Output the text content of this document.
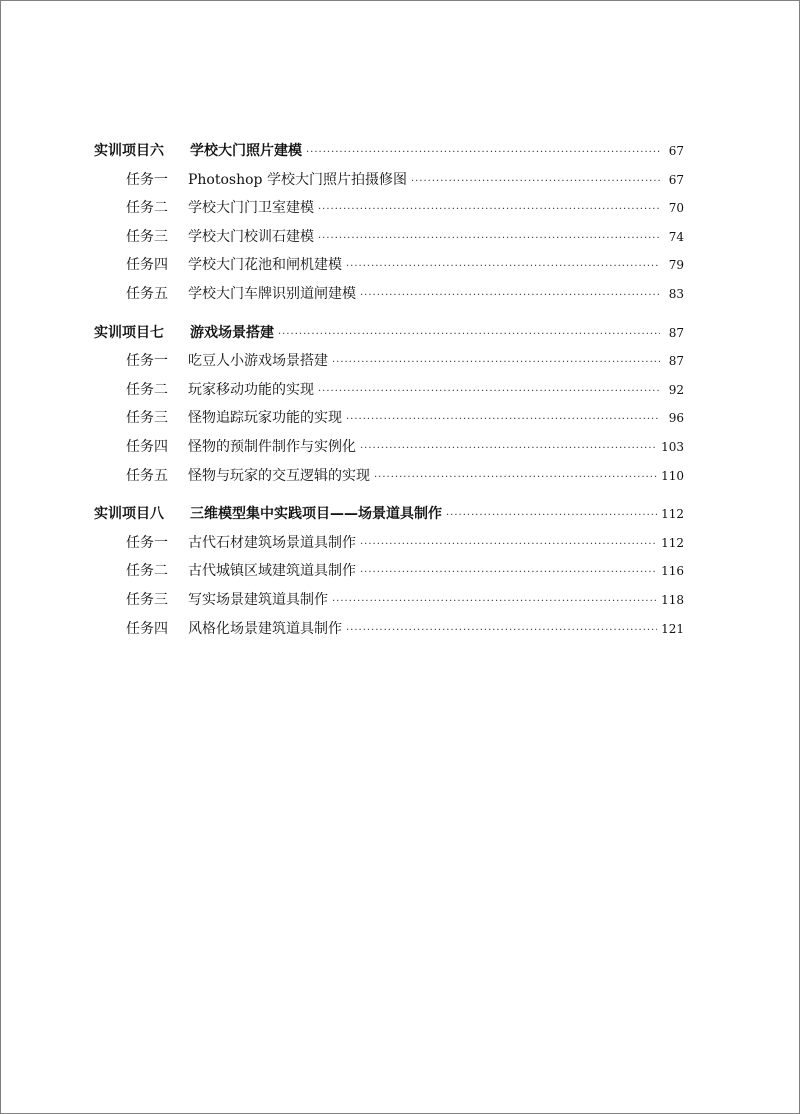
实训项目六	学校大门照片建模 ·····	67
任务一	Photoshop 学校大门照片拍摄修图 ·····	67
任务二	学校大门门卫室建模 ·····	70
任务三	学校大门校训石建模 ·····	74
任务四	学校大门花池和闸机建模 ·····	79
任务五	学校大门车牌识别道闸建模 ·····	83
实训项目七	游戏场景搭建 ·····	87
任务一	吃豆人小游戏场景搭建 ·····	87
任务二	玩家移动功能的实现 ·····	92
任务三	怪物追踪玩家功能的实现 ·····	96
任务四	怪物的预制件制作与实例化 ·····	103
任务五	怪物与玩家的交互逻辑的实现 ·····	110
实训项目八	三维模型集中实践项目——场景道具制作 ·····	112
任务一	古代石材建筑场景道具制作 ·····	112
任务二	古代城镇区域建筑道具制作 ·····	116
任务三	写实场景建筑道具制作 ·····	118
任务四	风格化场景建筑道具制作 ·····	121
